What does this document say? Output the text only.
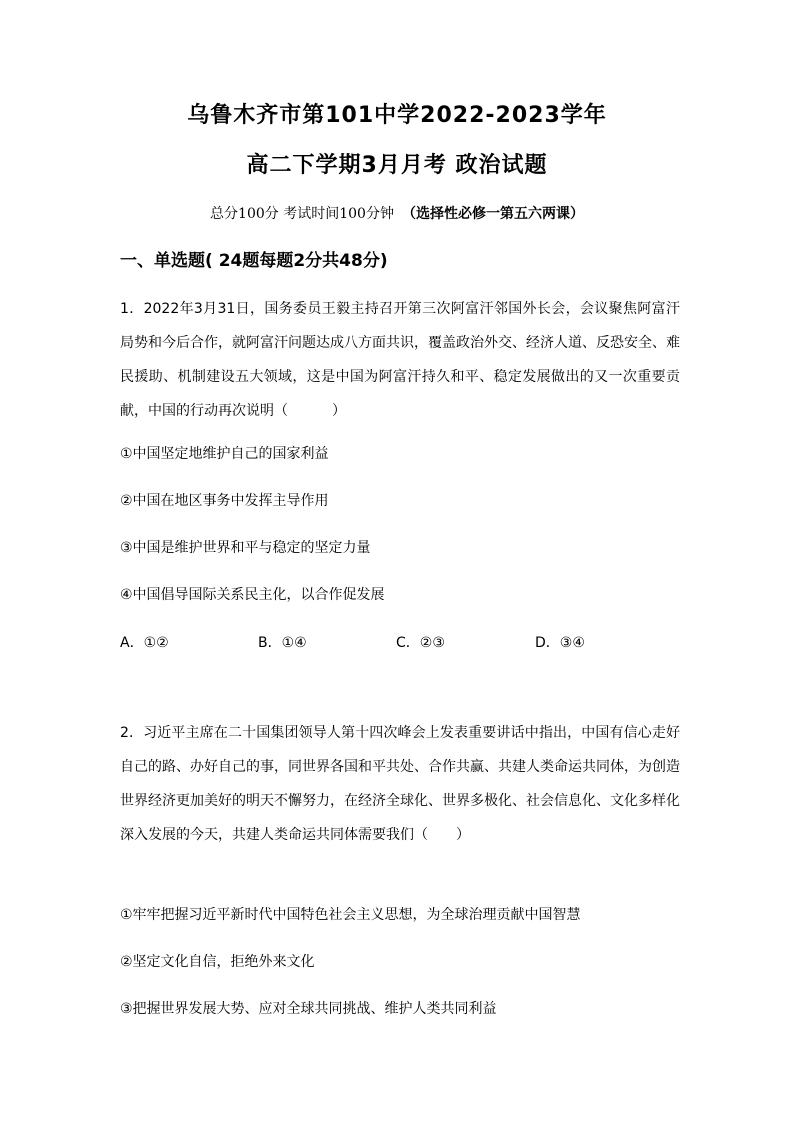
乌鲁木齐市第101中学2022-2023学年
高二下学期3月月考 政治试题
总分100分 考试时间100分钟 （选择性必修一第五六两课）
一、单选题( 24题每题2分共48分)
1．2022年3月31日，国务委员王毅主持召开第三次阿富汗邻国外长会，会议聚焦阿富汗局势和今后合作，就阿富汗问题达成八方面共识，覆盖政治外交、经济人道、反恐安全、难民援助、机制建设五大领域，这是中国为阿富汗持久和平、稳定发展做出的又一次重要贡献，中国的行动再次说明（	）
①中国坚定地维护自己的国家利益
②中国在地区事务中发挥主导作用
③中国是维护世界和平与稳定的坚定力量
④中国倡导国际关系民主化，以合作促发展
A．①②	B．①④	C．②③	D．③④
2．习近平主席在二十国集团领导人第十四次峰会上发表重要讲话中指出，中国有信心走好自己的路、办好自己的事，同世界各国和平共处、合作共赢、共建人类命运共同体，为创造世界经济更加美好的明天不懈努力，在经济全球化、世界多极化、社会信息化、文化多样化深入发展的今天，共建人类命运共同体需要我们（ ）
①牢牢把握习近平新时代中国特色社会主义思想，为全球治理贡献中国智慧
②坚定文化自信，拒绝外来文化
③把握世界发展大势、应对全球共同挑战、维护人类共同利益
